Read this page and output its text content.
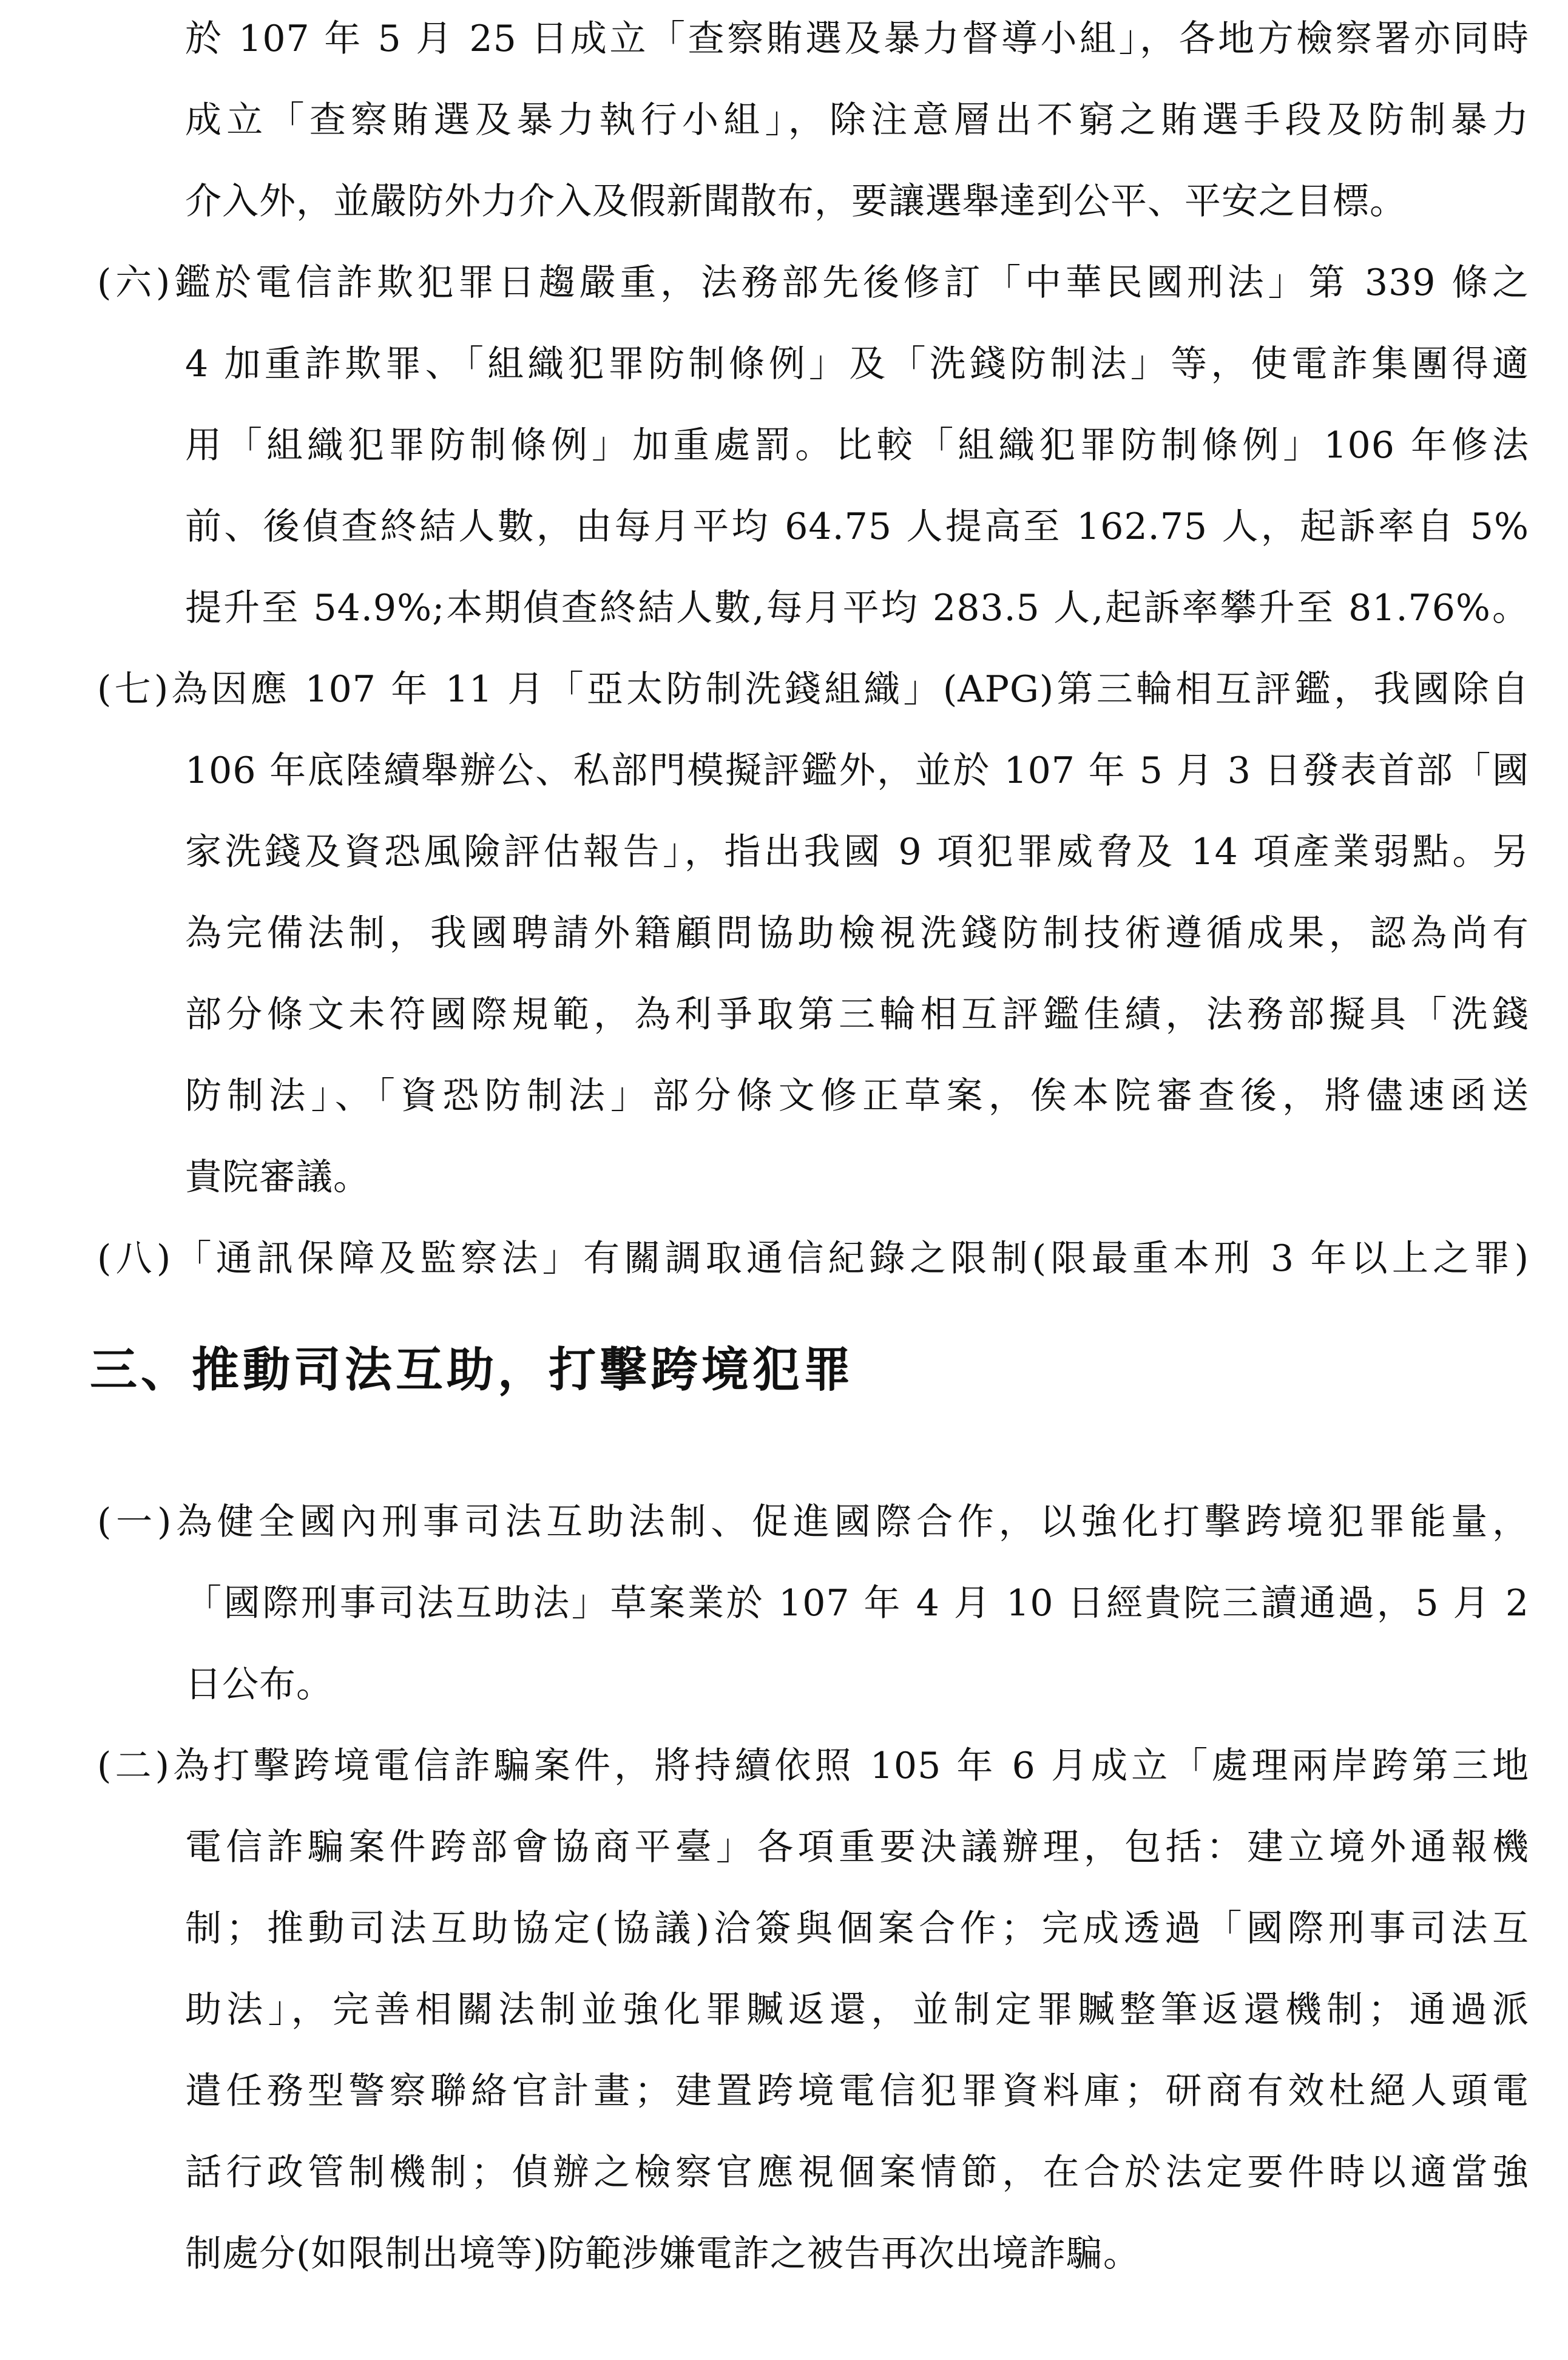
於 107 年 5 月 25 日成立「查察賄選及暴力督導小組」，各地方檢察署亦同時
成立「查察賄選及暴力執行小組」，除注意層出不窮之賄選手段及防制暴力
介入外，並嚴防外力介入及假新聞散布，要讓選舉達到公平、平安之目標。
(六)鑑於電信詐欺犯罪日趨嚴重，法務部先後修訂「中華民國刑法」第 339 條之
4 加重詐欺罪、「組織犯罪防制條例」及「洗錢防制法」等，使電詐集團得適
用「組織犯罪防制條例」加重處罰。比較「組織犯罪防制條例」106 年修法
前、後偵查終結人數，由每月平均 64.75 人提高至 162.75 人，起訴率自 5%
提升至 54.9%;本期偵查終結人數,每月平均 283.5 人,起訴率攀升至 81.76%。
(七)為因應 107 年 11 月「亞太防制洗錢組織」(APG)第三輪相互評鑑，我國除自
106 年底陸續舉辦公、私部門模擬評鑑外，並於 107 年 5 月 3 日發表首部「國
家洗錢及資恐風險評估報告」，指出我國 9 項犯罪威脅及 14 項產業弱點。另
為完備法制，我國聘請外籍顧問協助檢視洗錢防制技術遵循成果，認為尚有
部分條文未符國際規範，為利爭取第三輪相互評鑑佳績，法務部擬具「洗錢
防制法」、「資恐防制法」部分條文修正草案，俟本院審查後，將儘速函送
貴院審議。
(八)「通訊保障及監察法」有關調取通信紀錄之限制(限最重本刑 3 年以上之罪)
三、推動司法互助，打擊跨境犯罪
(一)為健全國內刑事司法互助法制、促進國際合作，以強化打擊跨境犯罪能量，
「國際刑事司法互助法」草案業於 107 年 4 月 10 日經貴院三讀通過，5 月 2
日公布。
(二)為打擊跨境電信詐騙案件，將持續依照 105 年 6 月成立「處理兩岸跨第三地
電信詐騙案件跨部會協商平臺」各項重要決議辦理，包括：建立境外通報機
制；推動司法互助協定(協議)洽簽與個案合作；完成透過「國際刑事司法互
助法」，完善相關法制並強化罪贓返還，並制定罪贓整筆返還機制；通過派
遣任務型警察聯絡官計畫；建置跨境電信犯罪資料庫；研商有效杜絕人頭電
話行政管制機制；偵辦之檢察官應視個案情節，在合於法定要件時以適當強
制處分(如限制出境等)防範涉嫌電詐之被告再次出境詐騙。
